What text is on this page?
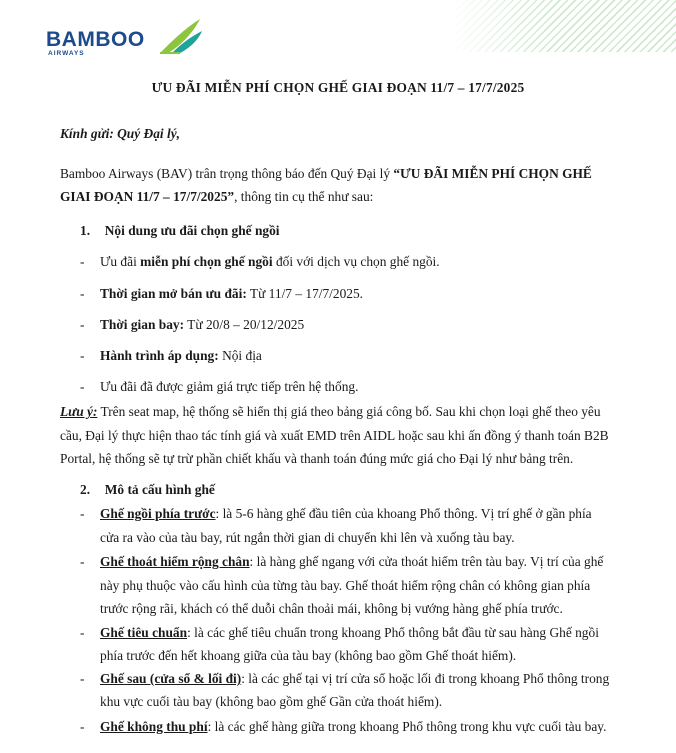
BAMBOO
AIRWAYS
ƯU ĐÃI MIỄN PHÍ CHỌN GHẾ GIAI ĐOẠN 11/7 – 17/7/2025
Kính gửi: Quý Đại lý,
Bamboo Airways (BAV) trân trọng thông báo đến Quý Đại lý “ƯU ĐÃI MIỄN PHÍ CHỌN GHẾ
GIAI ĐOẠN 11/7 – 17/7/2025”, thông tin cụ thể như sau:
1. Nội dung ưu đãi chọn ghế ngồi
- Ưu đãi miễn phí chọn ghế ngồi đối với dịch vụ chọn ghế ngồi.
- Thời gian mở bán ưu đãi: Từ 11/7 – 17/7/2025.
- Thời gian bay: Từ 20/8 – 20/12/2025
- Hành trình áp dụng: Nội địa
- Ưu đãi đã được giảm giá trực tiếp trên hệ thống.
Lưu ý: Trên seat map, hệ thống sẽ hiển thị giá theo bảng giá công bố. Sau khi chọn loại ghế theo yêu
cầu, Đại lý thực hiện thao tác tính giá và xuất EMD trên AIDL hoặc sau khi ấn đồng ý thanh toán B2B
Portal, hệ thống sẽ tự trừ phần chiết khấu và thanh toán đúng mức giá cho Đại lý như bảng trên.
2. Mô tả cấu hình ghế
- Ghế ngồi phía trước: là 5-6 hàng ghế đầu tiên của khoang Phổ thông. Vị trí ghế ở gần phía
cửa ra vào của tàu bay, rút ngắn thời gian di chuyển khi lên và xuống tàu bay.
- Ghế thoát hiểm rộng chân: là hàng ghế ngang với cửa thoát hiểm trên tàu bay. Vị trí của ghế
này phụ thuộc vào cấu hình của từng tàu bay. Ghế thoát hiểm rộng chân có không gian phía
trước rộng rãi, khách có thể duỗi chân thoải mái, không bị vướng hàng ghế phía trước.
- Ghế tiêu chuẩn: là các ghế tiêu chuẩn trong khoang Phổ thông bắt đầu từ sau hàng Ghế ngồi
phía trước đến hết khoang giữa của tàu bay (không bao gồm Ghế thoát hiểm).
- Ghế sau (cửa sổ & lối đi): là các ghế tại vị trí cửa sổ hoặc lối đi trong khoang Phổ thông trong
khu vực cuối tàu bay (không bao gồm ghế Gần cửa thoát hiểm).
- Ghế không thu phí: là các ghế hàng giữa trong khoang Phổ thông trong khu vực cuối tàu bay.
